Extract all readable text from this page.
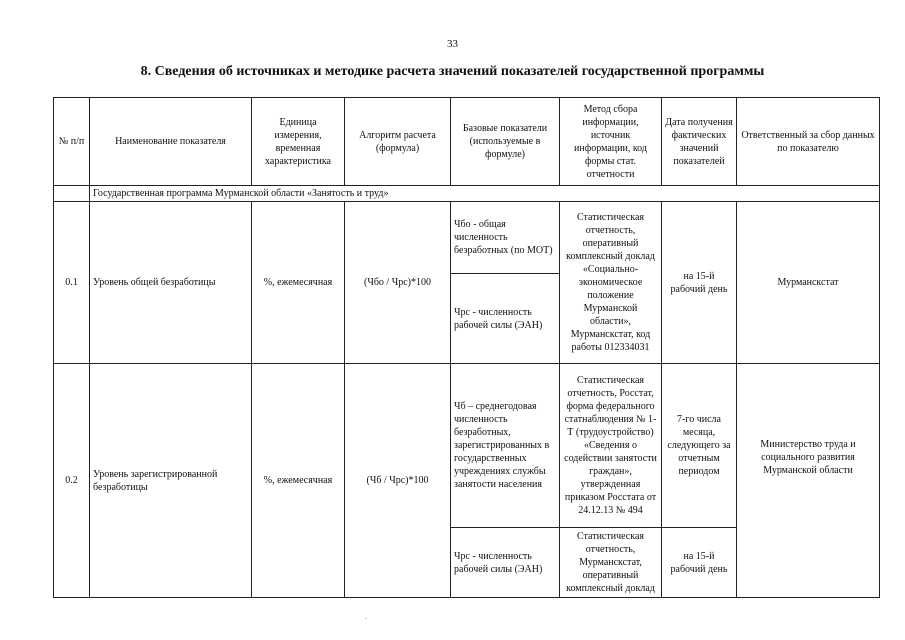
33
8. Сведения об источниках и методике расчета значений показателей государственной программы
№ п/п	Наименование показателя	Единица измерения, временная характеристика	Алгоритм расчета (формула)	Базовые показатели (используемые в формуле)	Метод сбора информации, источник информации, код формы стат. отчетности	Дата получения фактических значений показателей	Ответственный за сбор данных по показателю
	Государственная программа Мурманской области «Занятость и труд»						
0.1	Уровень общей безработицы	%, ежемесячная	(Чбо / Чрс)*100	Чбо - общая численность безработных (по МОТ)	Статистическая отчетность, оперативный комплексный доклад «Социально-экономическое положение Мурманской области», Мурманскстат, код работы 012334031	на 15-й рабочий день	Мурманскстат
				Чрс - численность рабочей силы (ЭАН)			
0.2	Уровень зарегистрированной безработицы	%, ежемесячная	(Чб / Чрс)*100	Чб – среднегодовая численность безработных, зарегистрированных в государственных учреждениях службы занятости населения	Статистическая отчетность, Росстат, форма федерального статнаблюдения № 1-Т (трудоустройство) «Сведения о содействии занятости граждан», утвержденная приказом Росстата от 24.12.13 № 494	7-го числа месяца, следующего за отчетным периодом	Министерство труда и социального развития Мурманской области
				Чрс - численность рабочей силы (ЭАН)	Статистическая отчетность, Мурманскстат, оперативный комплексный доклад	на 15-й рабочий день	
.
